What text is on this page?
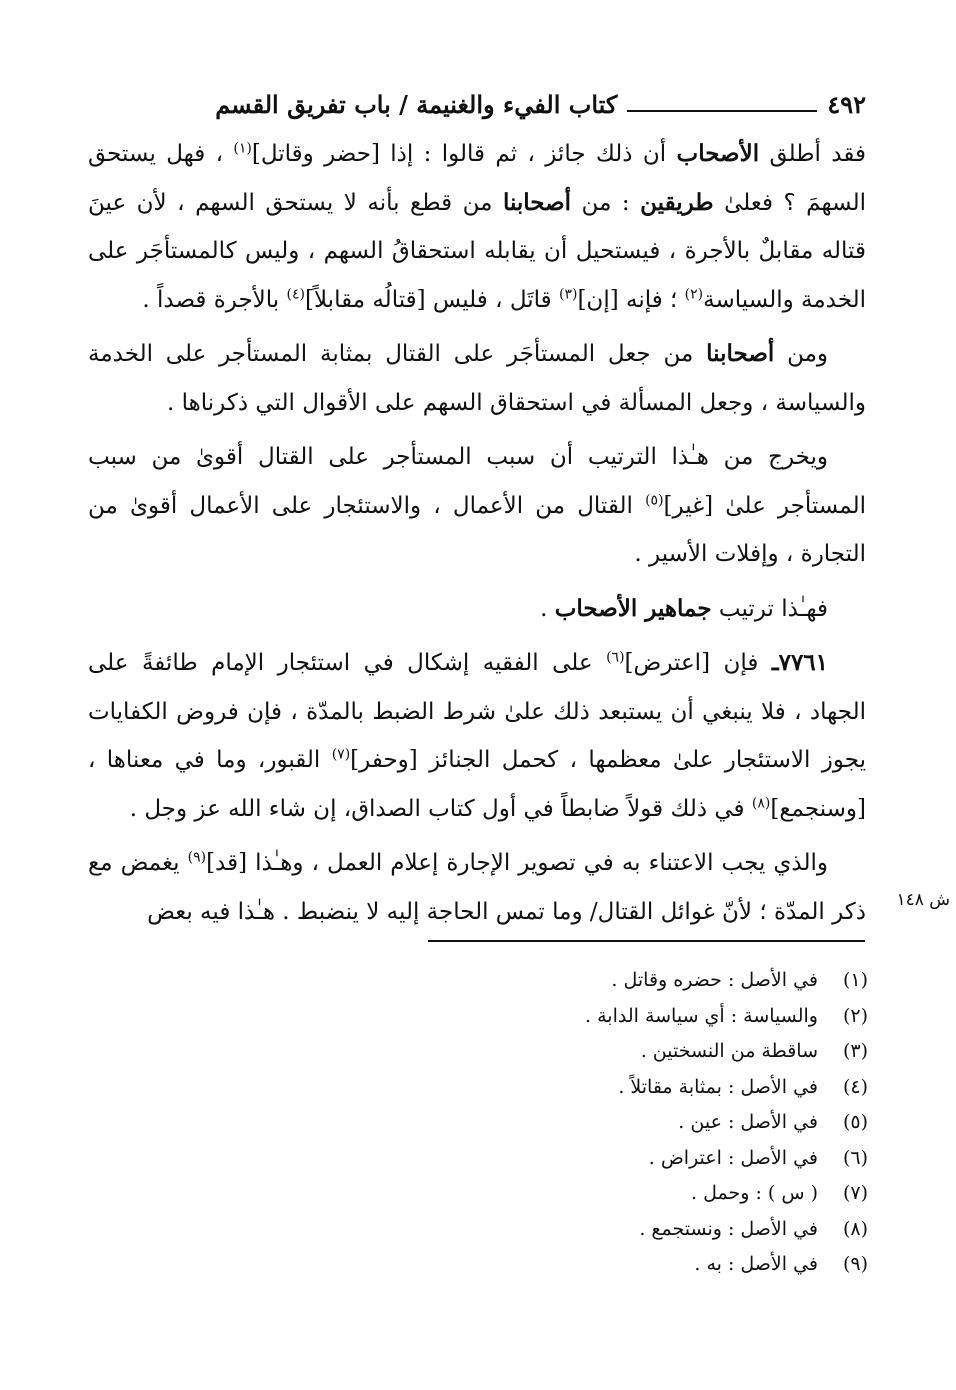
٤٩٢
كتاب الفيء والغنيمة / باب تفريق القسم

فقد أطلق الأصحاب أن ذلك جائز ، ثم قالوا : إذا [حضر وقاتل]$^{(١)}$ ، فهل يستحق السهمَ ؟ فعلىٰ طريقين : من أصحابنا من قطع بأنه لا يستحق السهم ، لأن عينَ قتاله مقابلٌ بالأجرة ، فيستحيل أن يقابله استحقاقُ السهم ، وليس كالمستأجَر على الخدمة والسياسة$^{(٢)}$ ؛ فإنه [إن]$^{(٣)}$ قاتَل ، فليس [قتالُه مقابلاً]$^{(٤)}$ بالأجرة قصداً .

ومن أصحابنا من جعل المستأجَر على القتال بمثابة المستأجر على الخدمة والسياسة ، وجعل المسألة في استحقاق السهم على الأقوال التي ذكرناها .

ويخرج من هـٰذا الترتيب أن سبب المستأجر على القتال أقوىٰ من سبب المستأجر علىٰ [غير]$^{(٥)}$ القتال من الأعمال ، والاستئجار على الأعمال أقوىٰ من التجارة ، وإفلات الأسير .

فهـٰذا ترتيب جماهير الأصحاب .

٧٧٦١ـ فإن [اعترض]$^{(٦)}$ على الفقيه إشكال في استئجار الإمام طائفةً على الجهاد ، فلا ينبغي أن يستبعد ذلك علىٰ شرط الضبط بالمدّة ، فإن فروض الكفايات يجوز الاستئجار علىٰ معظمها ، كحمل الجنائز [وحفر]$^{(٧)}$ القبور، وما في معناها ، [وسنجمع]$^{(٨)}$ في ذلك قولاً ضابطاً في أول كتاب الصداق، إن شاء الله عز وجل .

والذي يجب الاعتناء به في تصوير الإجارة إعلام العمل ، وهـٰذا [قد]$^{(٩)}$ يغمض مع ذكر المدّة ؛ لأنّ غوائل القتال/ وما تمس الحاجة إليه لا ينضبط . هـٰذا فيه بعض	ش ١٤٨
(١)
في الأصل : حضره وقاتل .
(٢)
والسياسة : أي سياسة الدابة .
(٣)
ساقطة من النسختين .
(٤)
في الأصل : بمثابة مقاتلاً .
(٥)
في الأصل : عين .
(٦)
في الأصل : اعتراض .
(٧)
( س ) : وحمل .
(٨)
في الأصل : ونستجمع .
(٩)
في الأصل : به .
